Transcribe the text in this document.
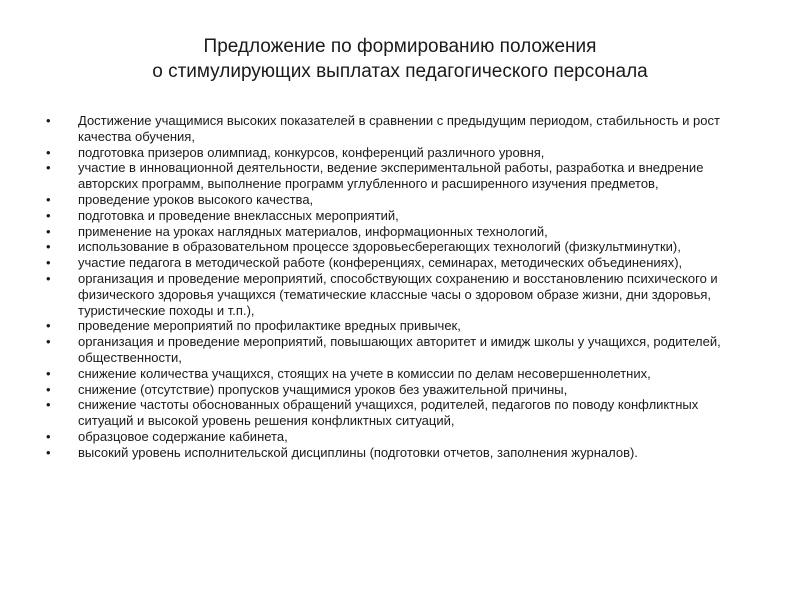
Предложение по формированию положения
о стимулирующих выплатах педагогического персонала
• Достижение учащимися высоких показателей в сравнении с предыдущим периодом, стабильность и рост качества обучения,
• подготовка призеров олимпиад, конкурсов, конференций различного уровня,
• участие в инновационной деятельности, ведение экспериментальной работы, разработка и внедрение авторских программ, выполнение программ углубленного и расширенного изучения предметов,
• проведение уроков высокого качества,
• подготовка и проведение внеклассных мероприятий,
• применение на уроках наглядных материалов, информационных технологий,
• использование в образовательном процессе здоровьесберегающих технологий (физкультминутки),
• участие педагога в методической работе (конференциях, семинарах, методических объединениях),
• организация и проведение мероприятий, способствующих сохранению и восстановлению психического и физического здоровья учащихся (тематические классные часы о здоровом образе жизни, дни здоровья, туристические походы и т.п.),
• проведение мероприятий по профилактике вредных привычек,
• организация и проведение мероприятий, повышающих авторитет и имидж школы у учащихся, родителей, общественности,
• снижение количества учащихся, стоящих на учете в комиссии по делам несовершеннолетних,
• снижение (отсутствие) пропусков учащимися уроков без уважительной причины,
• снижение частоты обоснованных обращений учащихся, родителей, педагогов по поводу конфликтных ситуаций и высокой уровень решения конфликтных ситуаций,
• образцовое содержание кабинета,
• высокий уровень исполнительской дисциплины (подготовки отчетов, заполнения журналов).
